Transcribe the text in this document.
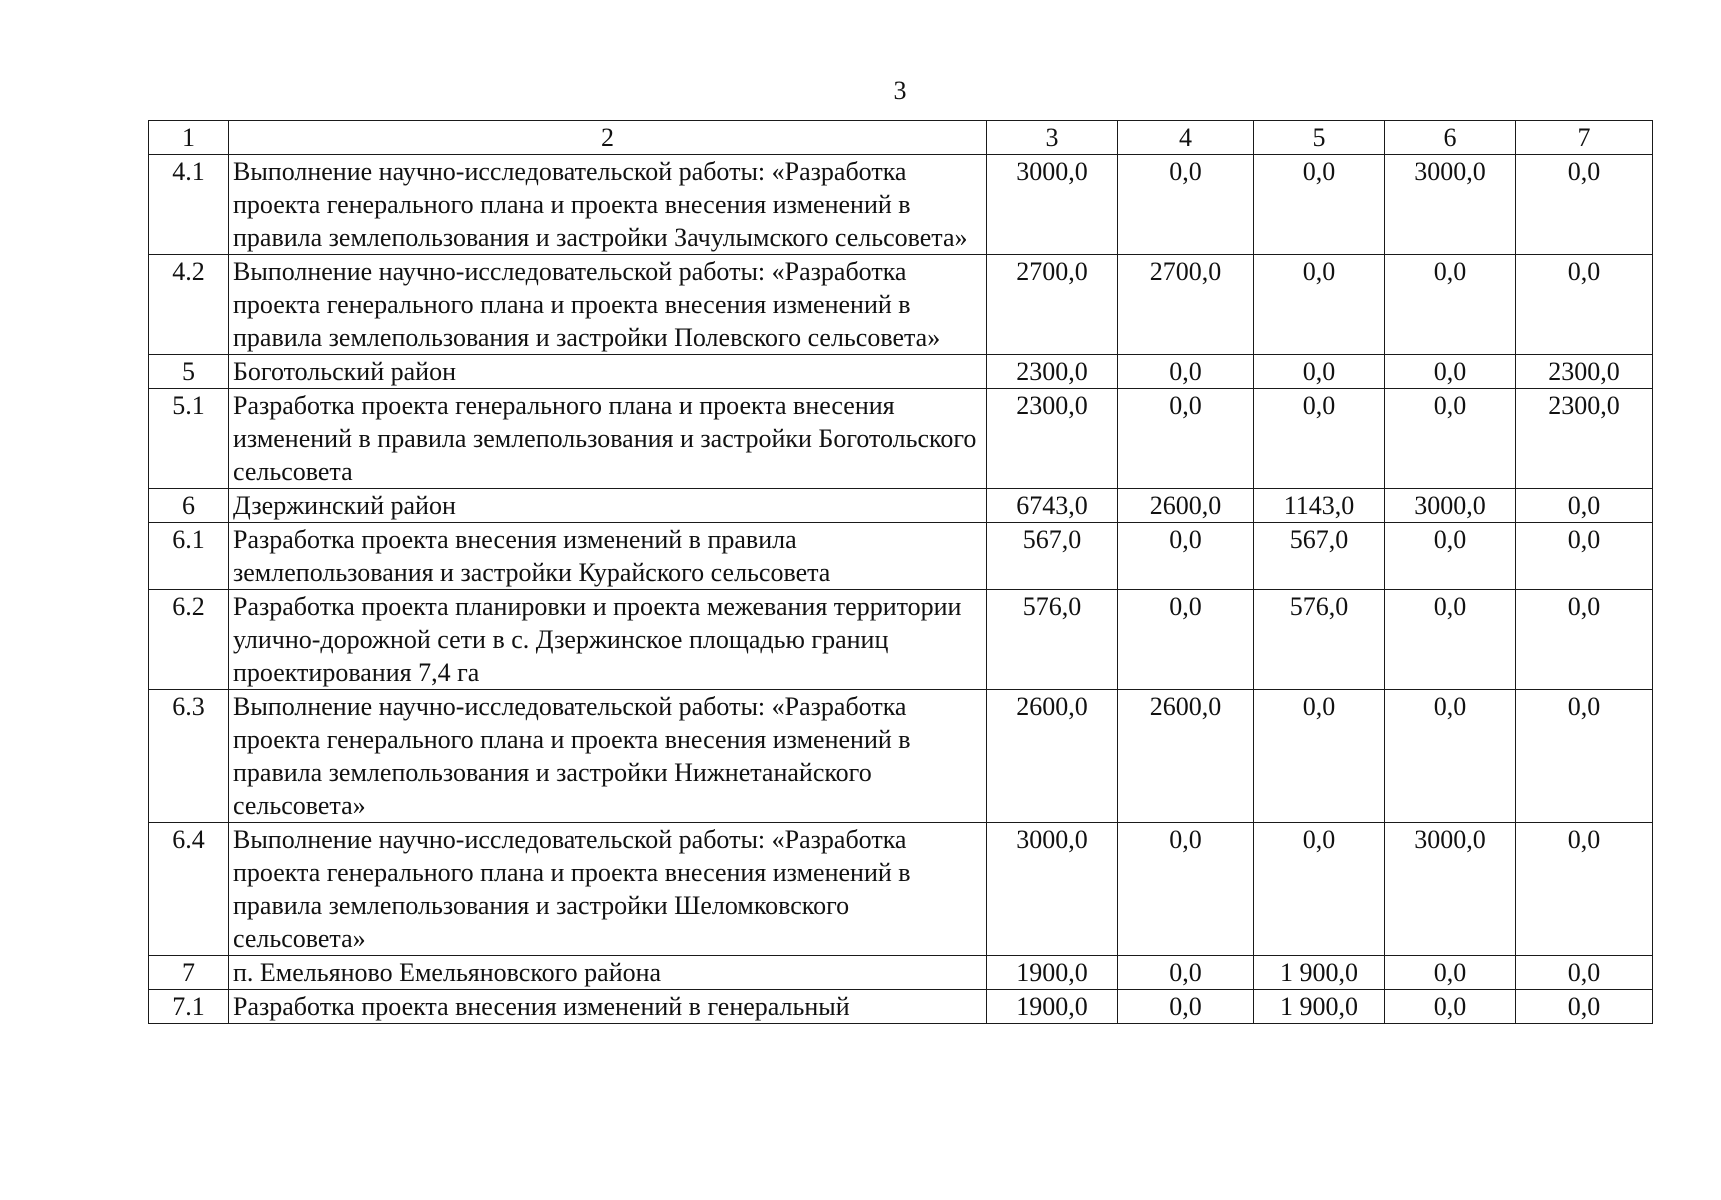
3
1	2	3	4	5	6	7
4.1	Выполнение научно-исследовательской работы: «Разработка проекта генерального плана и проекта внесения изменений в правила землепользования и застройки Зачулымского сельсовета»	3000,0	0,0	0,0	3000,0	0,0
4.2	Выполнение научно-исследовательской работы: «Разработка проекта генерального плана и проекта внесения изменений в правила землепользования и застройки Полевского сельсовета»	2700,0	2700,0	0,0	0,0	0,0
5	Боготольский район	2300,0	0,0	0,0	0,0	2300,0
5.1	Разработка проекта генерального плана и проекта внесения изменений в правила землепользования и застройки Боготольского сельсовета	2300,0	0,0	0,0	0,0	2300,0
6	Дзержинский район	6743,0	2600,0	1143,0	3000,0	0,0
6.1	Разработка проекта внесения изменений в правила землепользования и застройки Курайского сельсовета	567,0	0,0	567,0	0,0	0,0
6.2	Разработка проекта планировки и проекта межевания территории улично-дорожной сети в с. Дзержинское площадью границ проектирования 7,4 га	576,0	0,0	576,0	0,0	0,0
6.3	Выполнение научно-исследовательской работы: «Разработка проекта генерального плана и проекта внесения изменений в правила землепользования и застройки Нижнетанайского сельсовета»	2600,0	2600,0	0,0	0,0	0,0
6.4	Выполнение научно-исследовательской работы: «Разработка проекта генерального плана и проекта внесения изменений в правила землепользования и застройки Шеломковского сельсовета»	3000,0	0,0	0,0	3000,0	0,0
7	п. Емельяново Емельяновского района	1900,0	0,0	1 900,0	0,0	0,0
7.1	Разработка проекта внесения изменений в генеральный	1900,0	0,0	1 900,0	0,0	0,0
